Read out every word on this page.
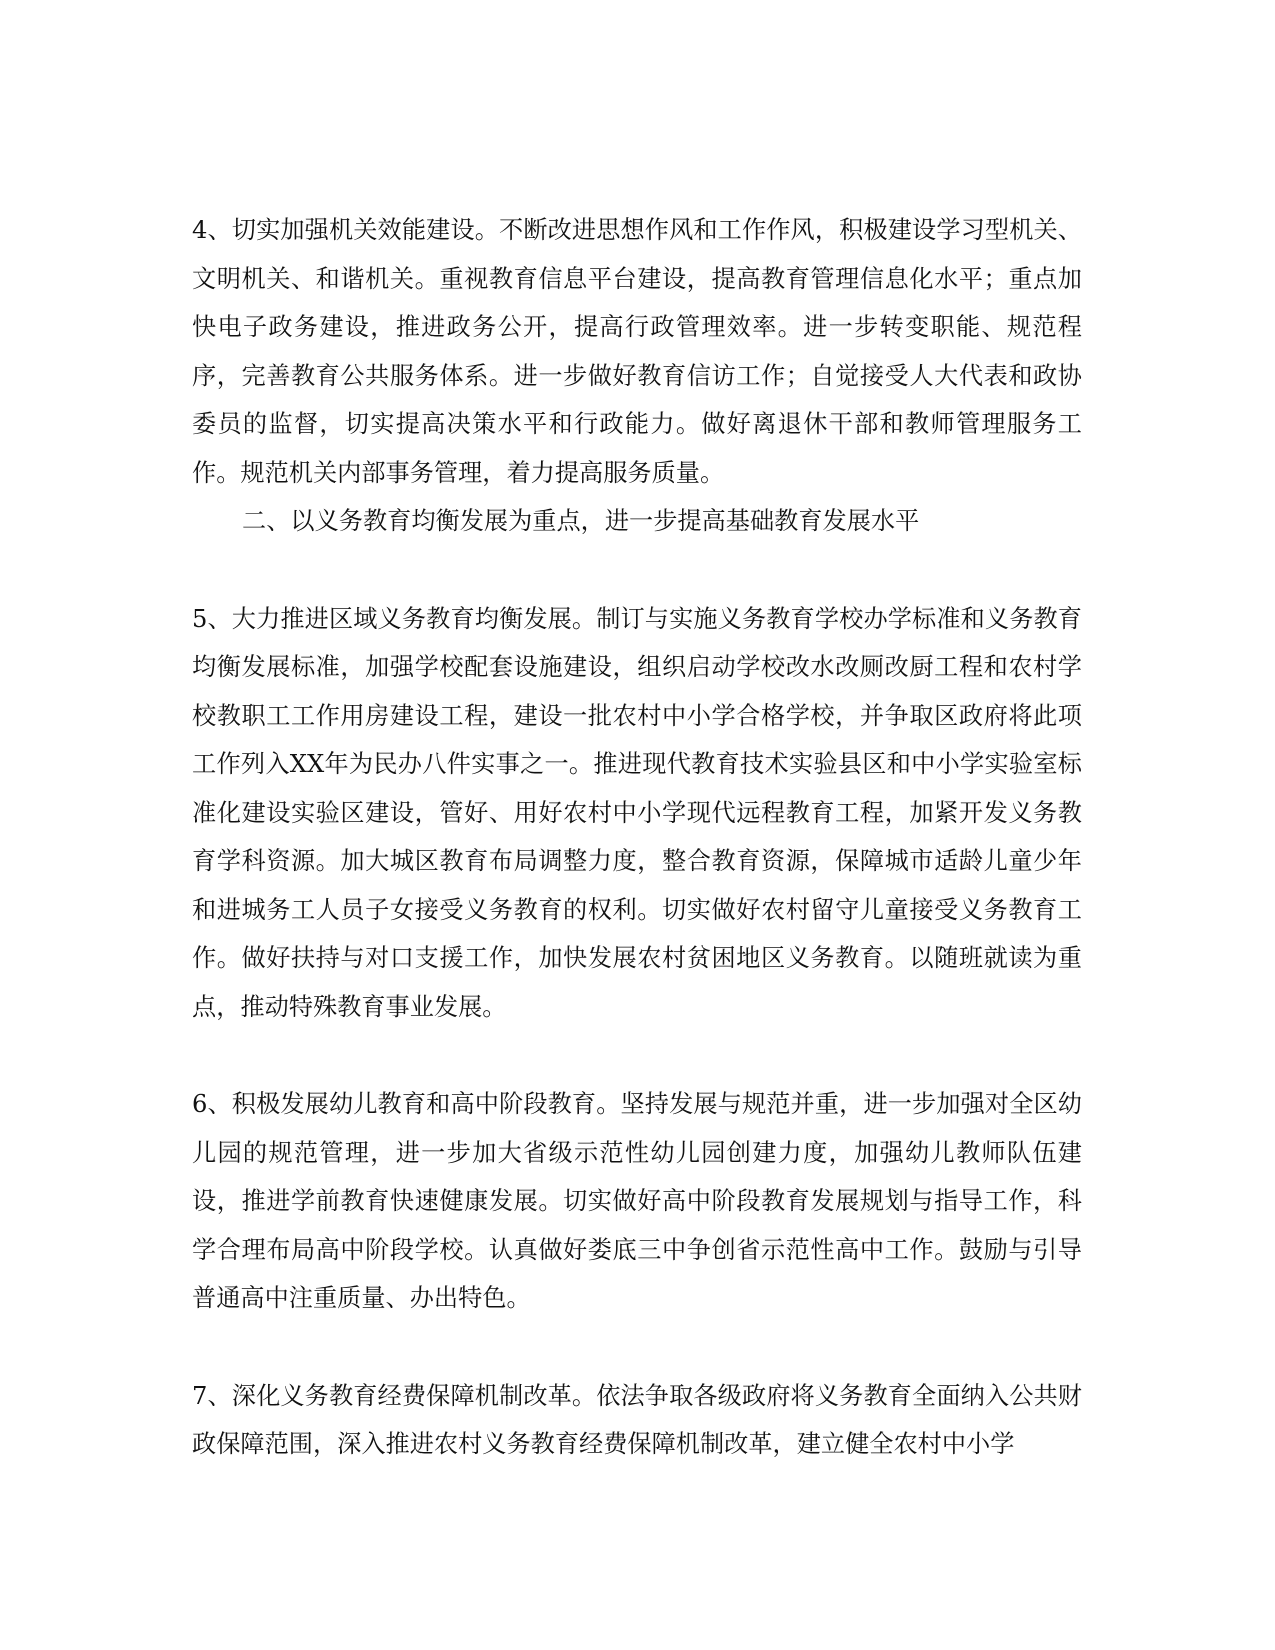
4、切实加强机关效能建设。不断改进思想作风和工作作风，积极建设学习型机关、文明机关、和谐机关。重视教育信息平台建设，提高教育管理信息化水平；重点加快电子政务建设，推进政务公开，提高行政管理效率。进一步转变职能、规范程序，完善教育公共服务体系。进一步做好教育信访工作；自觉接受人大代表和政协委员的监督，切实提高决策水平和行政能力。做好离退休干部和教师管理服务工作。规范机关内部事务管理，着力提高服务质量。

二、以义务教育均衡发展为重点，进一步提高基础教育发展水平

5、大力推进区域义务教育均衡发展。制订与实施义务教育学校办学标准和义务教育均衡发展标准，加强学校配套设施建设，组织启动学校改水改厕改厨工程和农村学校教职工工作用房建设工程，建设一批农村中小学合格学校，并争取区政府将此项工作列入XX年为民办八件实事之一。推进现代教育技术实验县区和中小学实验室标准化建设实验区建设，管好、用好农村中小学现代远程教育工程，加紧开发义务教育学科资源。加大城区教育布局调整力度，整合教育资源，保障城市适龄儿童少年和进城务工人员子女接受义务教育的权利。切实做好农村留守儿童接受义务教育工作。做好扶持与对口支援工作，加快发展农村贫困地区义务教育。以随班就读为重点，推动特殊教育事业发展。

6、积极发展幼儿教育和高中阶段教育。坚持发展与规范并重，进一步加强对全区幼儿园的规范管理，进一步加大省级示范性幼儿园创建力度，加强幼儿教师队伍建设，推进学前教育快速健康发展。切实做好高中阶段教育发展规划与指导工作，科学合理布局高中阶段学校。认真做好娄底三中争创省示范性高中工作。鼓励与引导普通高中注重质量、办出特色。

7、深化义务教育经费保障机制改革。依法争取各级政府将义务教育全面纳入公共财政保障范围，深入推进农村义务教育经费保障机制改革，建立健全农村中小学
